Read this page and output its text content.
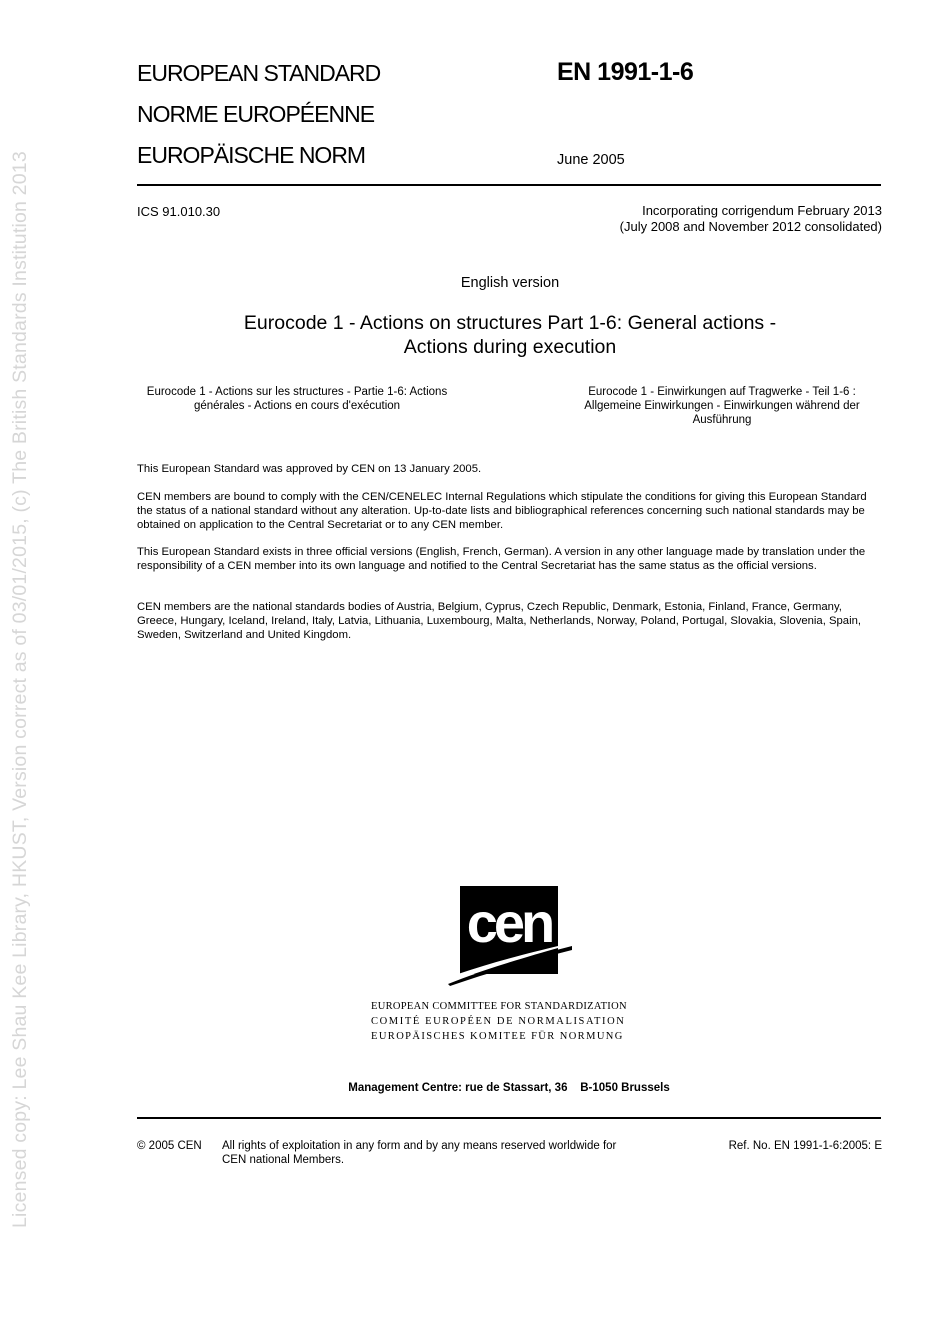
Licensed copy: Lee Shau Kee Library, HKUST, Version correct as of 03/01/2015, (c) The British Standards Institution 2013
EUROPEAN STANDARD
NORME EUROPÉENNE
EUROPÄISCHE NORM
EN 1991-1-6
June 2005
ICS 91.010.30	Incorporating corrigendum February 2013
(July 2008 and November 2012 consolidated)
English version
Eurocode 1 - Actions on structures Part 1-6: General actions -
Actions during execution
Eurocode 1 - Actions sur les structures - Partie 1-6: Actions générales - Actions en cours d'exécution
Eurocode 1 - Einwirkungen auf Tragwerke - Teil 1-6 : Allgemeine Einwirkungen - Einwirkungen während der Ausführung
This European Standard was approved by CEN on 13 January 2005.
CEN members are bound to comply with the CEN/CENELEC Internal Regulations which stipulate the conditions for giving this European Standard the status of a national standard without any alteration. Up-to-date lists and bibliographical references concerning such national standards may be obtained on application to the Central Secretariat or to any CEN member.
This European Standard exists in three official versions (English, French, German). A version in any other language made by translation under the responsibility of a CEN member into its own language and notified to the Central Secretariat has the same status as the official versions.
CEN members are the national standards bodies of Austria, Belgium, Cyprus, Czech Republic, Denmark, Estonia, Finland, France, Germany, Greece, Hungary, Iceland, Ireland, Italy, Latvia, Lithuania, Luxembourg, Malta, Netherlands, Norway, Poland, Portugal, Slovakia, Slovenia, Spain, Sweden, Switzerland and United Kingdom.
cen
EUROPEAN COMMITTEE FOR STANDARDIZATION
COMITÉ EUROPÉEN DE NORMALISATION
EUROPÄISCHES KOMITEE FÜR NORMUNG
Management Centre: rue de Stassart, 36    B-1050 Brussels
© 2005 CEN All rights of exploitation in any form and by any means reserved worldwide for CEN national Members.
Ref. No. EN 1991-1-6:2005: E
